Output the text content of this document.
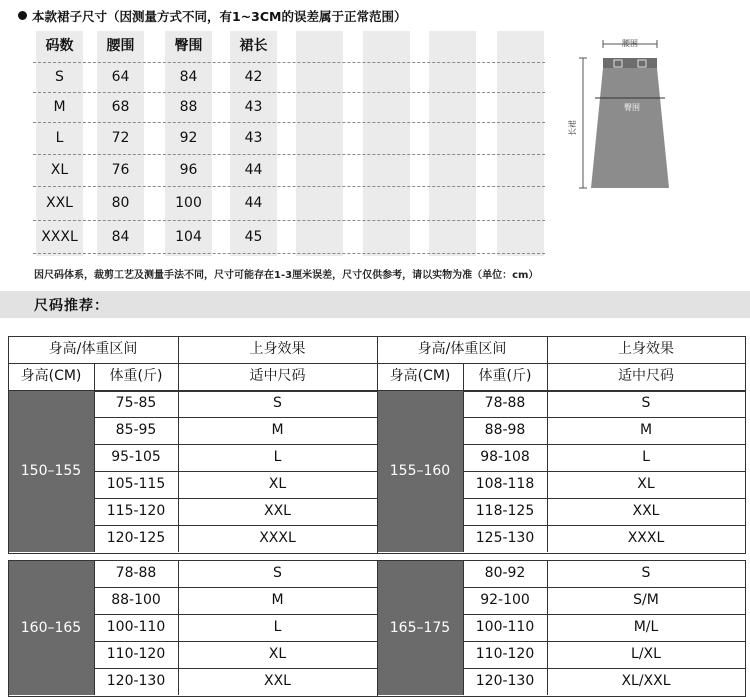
本款裙子尺寸（因测量方式不同，有1~3CM的误差属于正常范围）
码数	腰围	臀围	裙长
S	64	84	42
M	68	88	43
L	72	92	43
XL	76	96	44
XXL	80	100	44
XXXL	84	104	45
腰围
臀围
长裙
因尺码体系，裁剪工艺及测量手法不同，尺寸可能存在1-3厘米误差，尺寸仅供参考，请以实物为准（单位：cm）
尺码推荐：
身高/体重区间	上身效果
身高(CM)	体重(斤)	适中尺码
身高/体重区间	上身效果
身高(CM)	体重(斤)	适中尺码
150–155
75-85	S
85-95	M
95-105	L
105-115	XL
115-120	XXL
120-125	XXXL
155–160
78-88	S
88-98	M
98-108	L
108-118	XL
118-125	XXL
125-130	XXXL
160–165
78-88	S
88-100	M
100-110	L
110-120	XL
120-130	XXL
165–175
80-92	S
92-100	S/M
100-110	M/L
110-120	L/XL
120-130	XL/XXL
